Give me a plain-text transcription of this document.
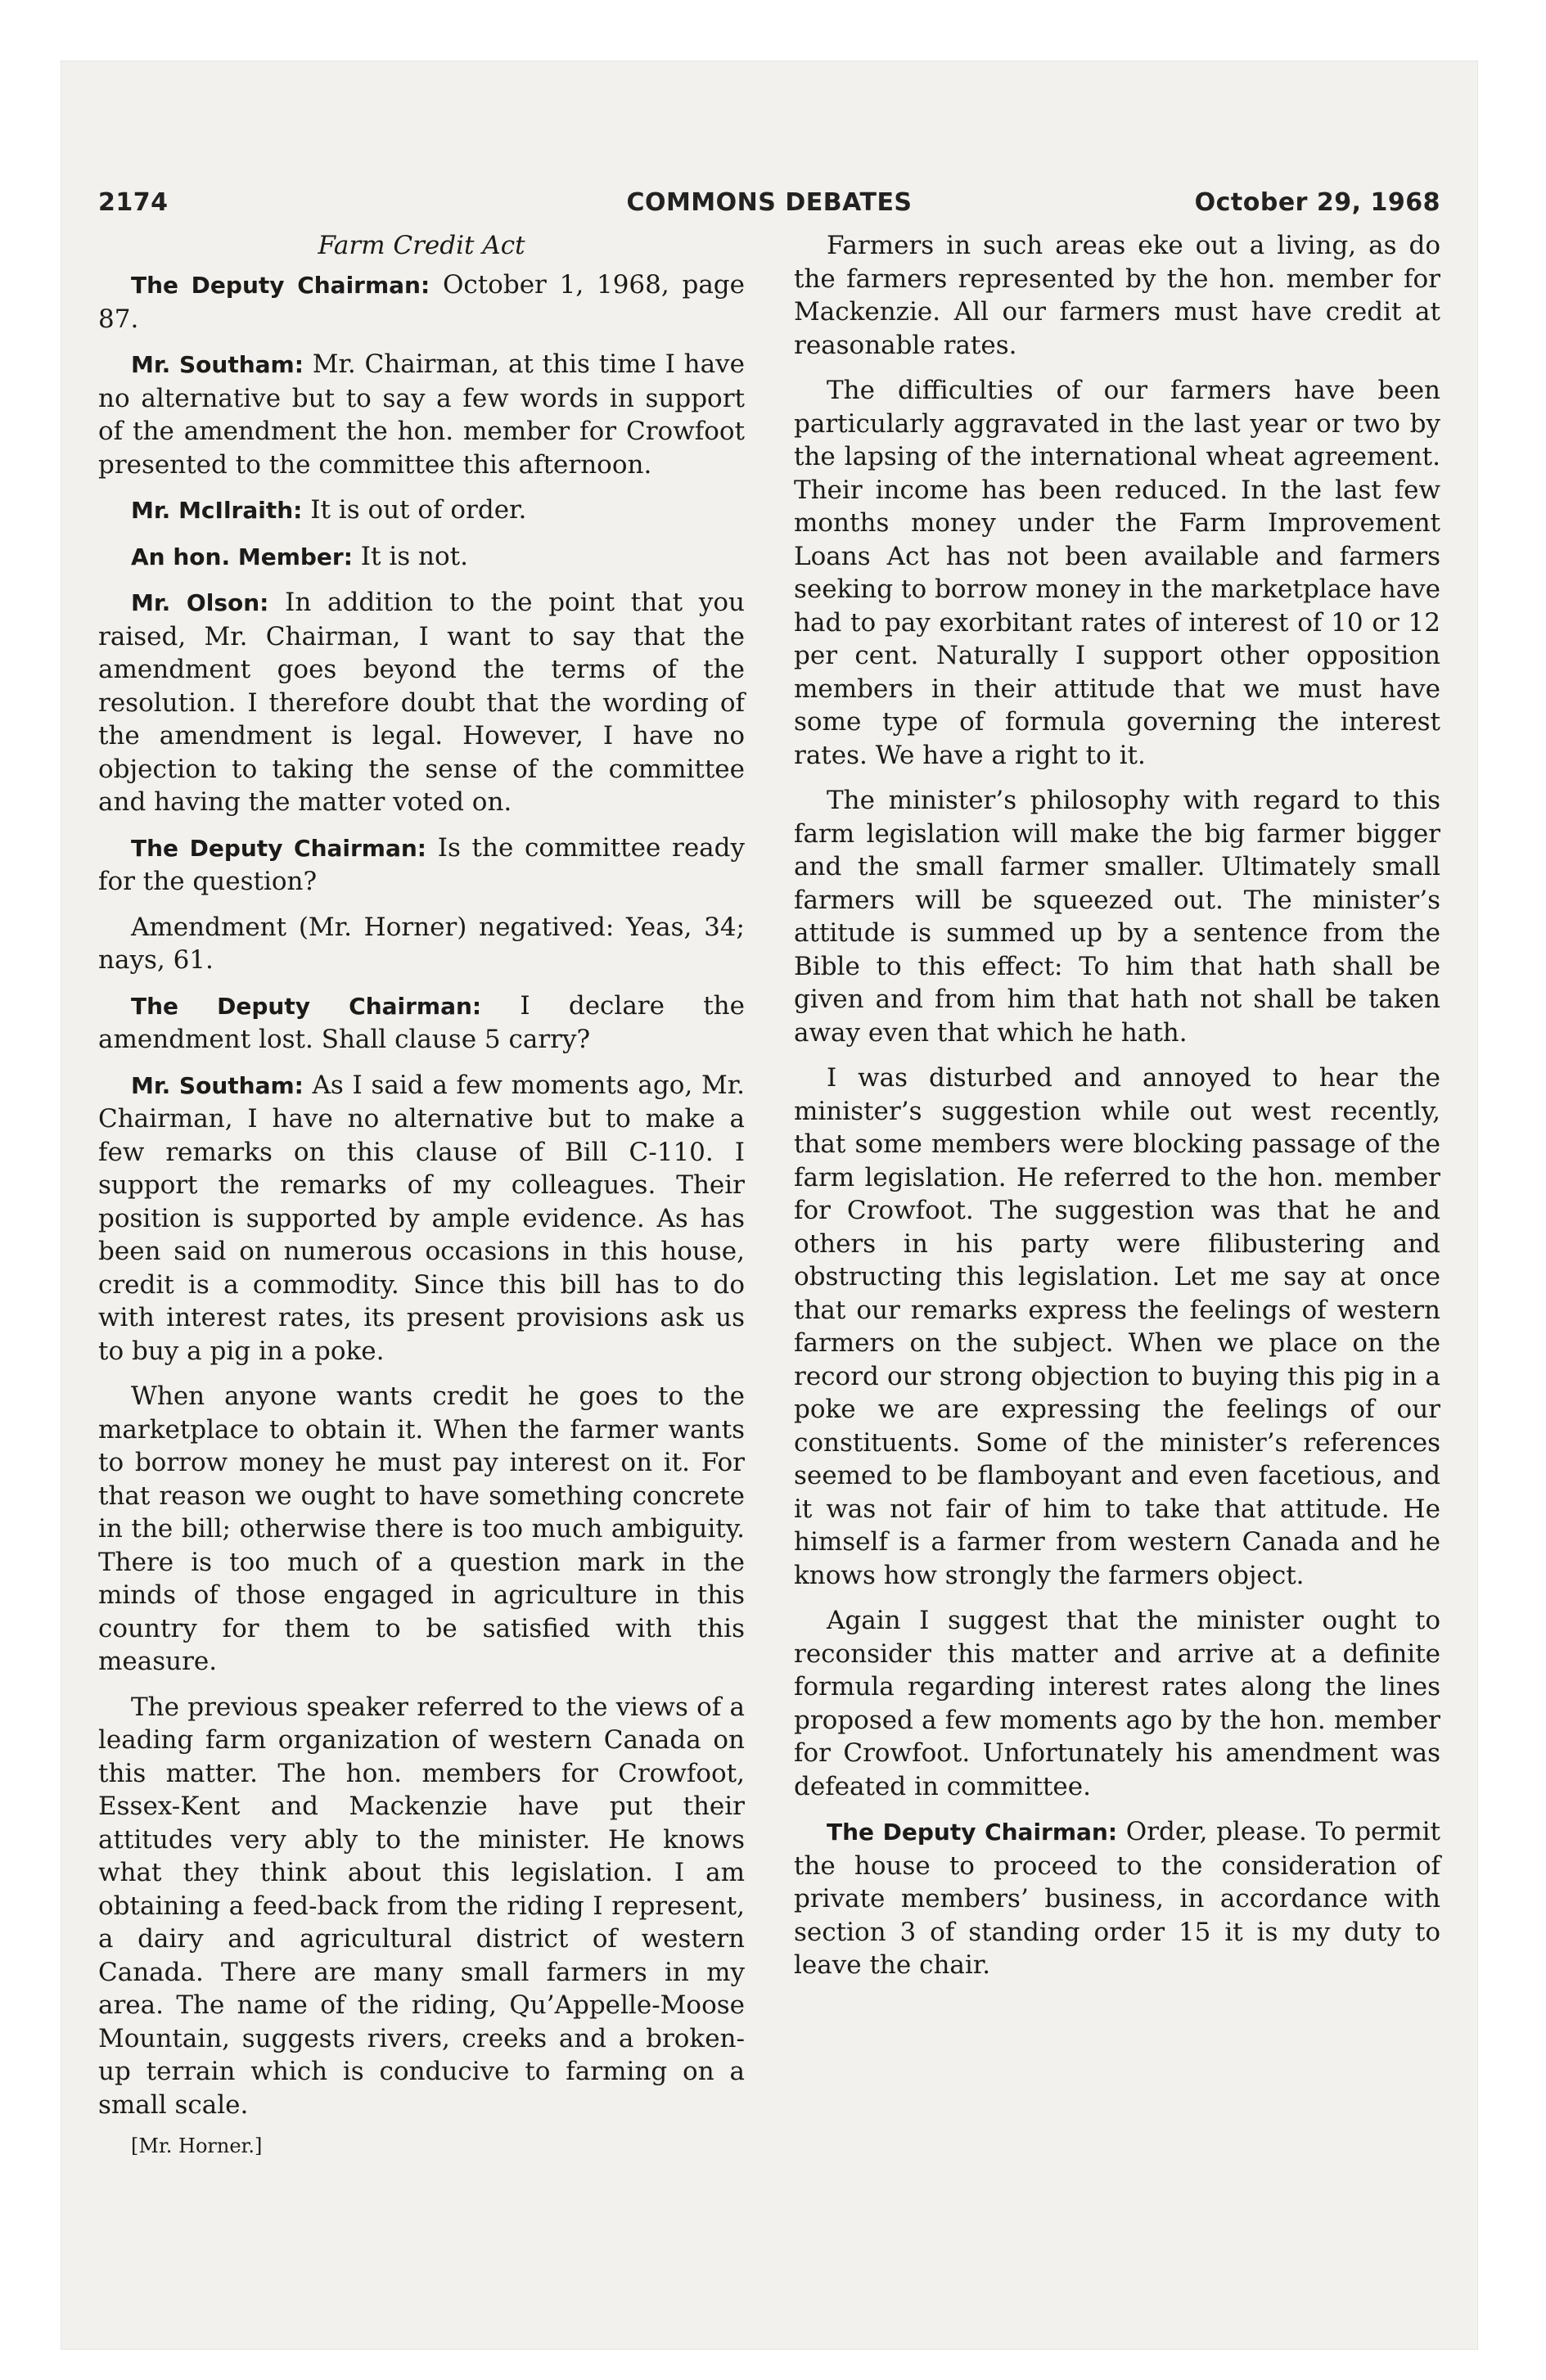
2174	COMMONS DEBATES	October 29, 1968
Farm Credit Act

The Deputy Chairman: October 1, 1968, page 87.

Mr. Southam: Mr. Chairman, at this time I have no alternative but to say a few words in support of the amendment the hon. member for Crowfoot presented to the committee this afternoon.

Mr. McIlraith: It is out of order.

An hon. Member: It is not.

Mr. Olson: In addition to the point that you raised, Mr. Chairman, I want to say that the amendment goes beyond the terms of the resolution. I therefore doubt that the wording of the amendment is legal. However, I have no objection to taking the sense of the committee and having the matter voted on.

The Deputy Chairman: Is the committee ready for the question?

Amendment (Mr. Horner) negatived: Yeas, 34; nays, 61.

The Deputy Chairman: I declare the amendment lost. Shall clause 5 carry?

Mr. Southam: As I said a few moments ago, Mr. Chairman, I have no alternative but to make a few remarks on this clause of Bill C-110. I support the remarks of my colleagues. Their position is supported by ample evidence. As has been said on numerous occasions in this house, credit is a commodity. Since this bill has to do with interest rates, its present provisions ask us to buy a pig in a poke.

When anyone wants credit he goes to the marketplace to obtain it. When the farmer wants to borrow money he must pay interest on it. For that reason we ought to have something concrete in the bill; otherwise there is too much ambiguity. There is too much of a question mark in the minds of those engaged in agriculture in this country for them to be satisfied with this measure.

The previous speaker referred to the views of a leading farm organization of western Canada on this matter. The hon. members for Crowfoot, Essex-Kent and Mackenzie have put their attitudes very ably to the minister. He knows what they think about this legislation. I am obtaining a feed-back from the riding I represent, a dairy and agricultural district of western Canada. There are many small farmers in my area. The name of the riding, Qu’Appelle-Moose Mountain, suggests rivers, creeks and a broken-up terrain which is conducive to farming on a small scale.

[Mr. Horner.]

Farmers in such areas eke out a living, as do the farmers represented by the hon. member for Mackenzie. All our farmers must have credit at reasonable rates.

The difficulties of our farmers have been particularly aggravated in the last year or two by the lapsing of the international wheat agreement. Their income has been reduced. In the last few months money under the Farm Improvement Loans Act has not been available and farmers seeking to borrow money in the marketplace have had to pay exorbitant rates of interest of 10 or 12 per cent. Naturally I support other opposition members in their attitude that we must have some type of formula governing the interest rates. We have a right to it.

The minister’s philosophy with regard to this farm legislation will make the big farmer bigger and the small farmer smaller. Ultimately small farmers will be squeezed out. The minister’s attitude is summed up by a sentence from the Bible to this effect: To him that hath shall be given and from him that hath not shall be taken away even that which he hath.

I was disturbed and annoyed to hear the minister’s suggestion while out west recently, that some members were blocking passage of the farm legislation. He referred to the hon. member for Crowfoot. The suggestion was that he and others in his party were filibustering and obstructing this legislation. Let me say at once that our remarks express the feelings of western farmers on the subject. When we place on the record our strong objection to buying this pig in a poke we are expressing the feelings of our constituents. Some of the minister’s references seemed to be flamboyant and even facetious, and it was not fair of him to take that attitude. He himself is a farmer from western Canada and he knows how strongly the farmers object.

Again I suggest that the minister ought to reconsider this matter and arrive at a definite formula regarding interest rates along the lines proposed a few moments ago by the hon. member for Crowfoot. Unfortunately his amendment was defeated in committee.

The Deputy Chairman: Order, please. To permit the house to proceed to the consideration of private members’ business, in accordance with section 3 of standing order 15 it is my duty to leave the chair.
